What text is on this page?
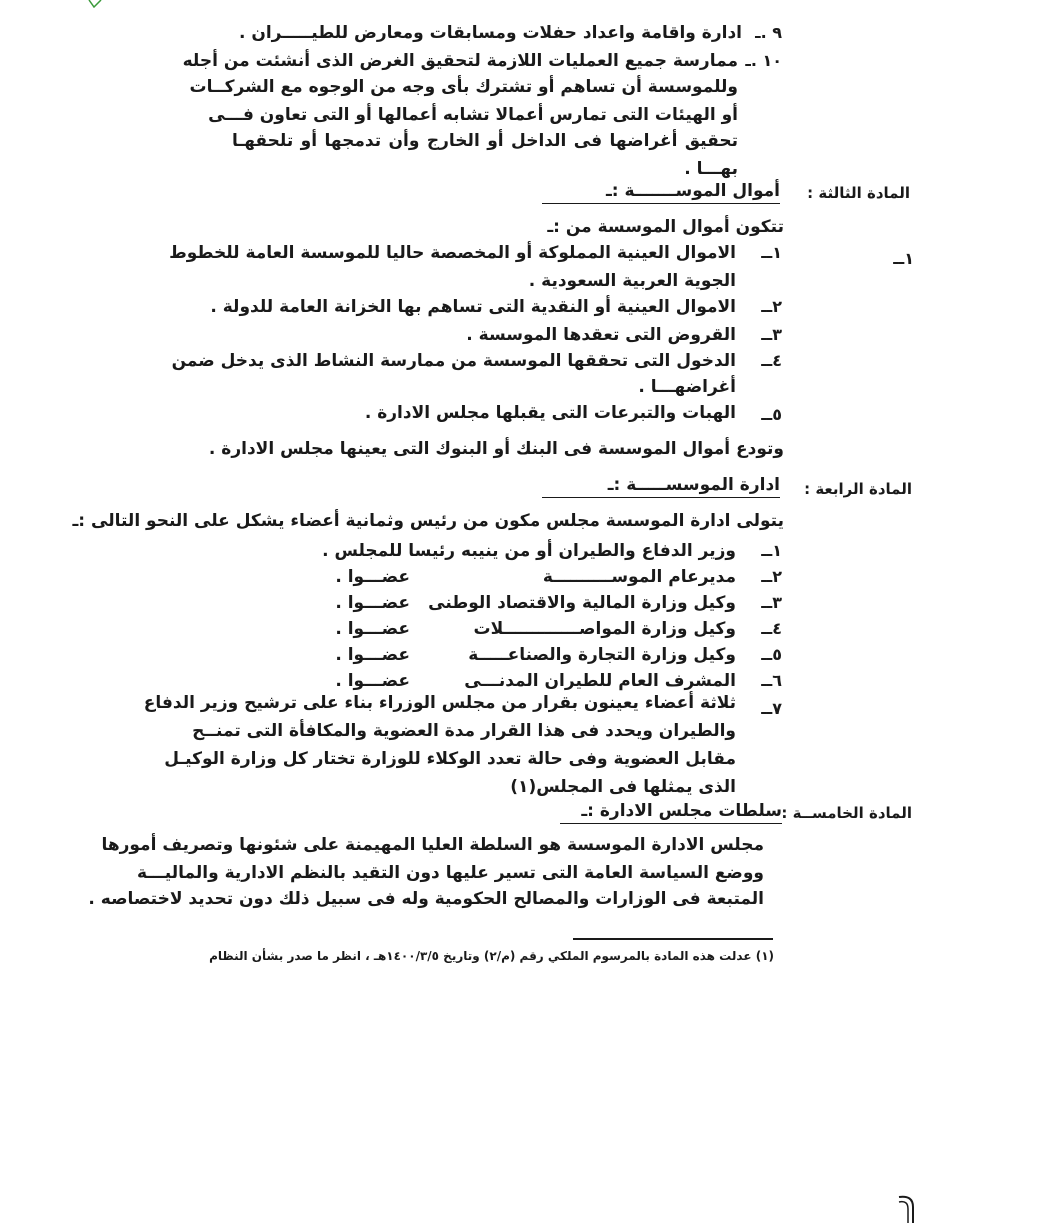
٩ .ـ
ادارة واقامة واعداد حفلات ومسابقات ومعارض للطيـــــران .
١٠ .ـ
ممارسة جميع العمليات اللازمة لتحقيق الغرض الذى أنشئت من أجله
وللموسسة أن تساهم أو تشترك بأى وجه من الوجوه مع الشركــات
أو الهيئات التى تمارس أعمالا تشابه أعمالها أو التى تعاون فـــى
تحقيق أغراضها فى الداخل أو الخارج وأن تدمجها أو تلحقهـا
بهـــا .
المادة الثالثة :
أموال الموســـــــة :ـ
تتكون أموال الموسسة من :ـ
١ــ
١ــ
الاموال العينية المملوكة أو المخصصة حاليا للموسسة العامة للخطوط
الجوية العربية السعودية .
٢ــ
الاموال العينية أو النقدية التى تساهم بها الخزانة العامة للدولة .
٣ــ
القروض التى تعقدها الموسسة .
٤ــ
الدخول التى تحققها الموسسة من ممارسة النشاط الذى يدخل ضمن
أغراضهـــا .
٥ــ
الهبات والتبرعات التى يقبلها مجلس الادارة .
وتودع أموال الموسسة فى البنك أو البنوك التى يعينها مجلس الادارة .
المادة الرابعة :
ادارة الموسســـــة :ـ
يتولى ادارة الموسسة مجلس مكون من رئيس وثمانية أعضاء يشكل على النحو التالى :ـ
١ــ
وزير الدفاع والطيران أو من ينيبه رئيسا للمجلس .
٢ــ
مديرعام الموســــــــــة
عضـــوا .
٣ــ
وكيل وزارة المالية والاقتصاد الوطنى
عضـــوا .
٤ــ
وكيل وزارة المواصـــــــــــــلات
عضـــوا .
٥ــ
وكيل وزارة التجارة والصناعـــــة
عضـــوا .
٦ــ
المشرف العام للطيران المدنـــى
عضـــوا .
٧ــ
ثلاثة أعضاء يعينون بقرار من مجلس الوزراء بناء على ترشيح وزير الدفاع
والطيران ويحدد فى هذا القرار مدة العضوية والمكافأة التى تمنــح
مقابل العضوية وفى حالة تعدد الوكلاء للوزارة تختار كل وزارة الوكيـل
الذى يمثلها فى المجلس(١)
المادة الخامســة :
سلطات مجلس الادارة :ـ
مجلس الادارة الموسسة هو السلطة العليا المهيمنة على شئونها وتصريف أمورها
ووضع السياسة العامة التى تسير عليها دون التقيد بالنظم الادارية والماليـــة
المتبعة فى الوزارات والمصالح الحكومية وله فى سبيل ذلك دون تحديد لاختصاصه .
(١) عدلت هذه المادة بالمرسوم الملكي رقم (م/٢) وتاريخ ١٤٠٠/٣/٥هـ ، انظر ما صدر بشأن النظام
